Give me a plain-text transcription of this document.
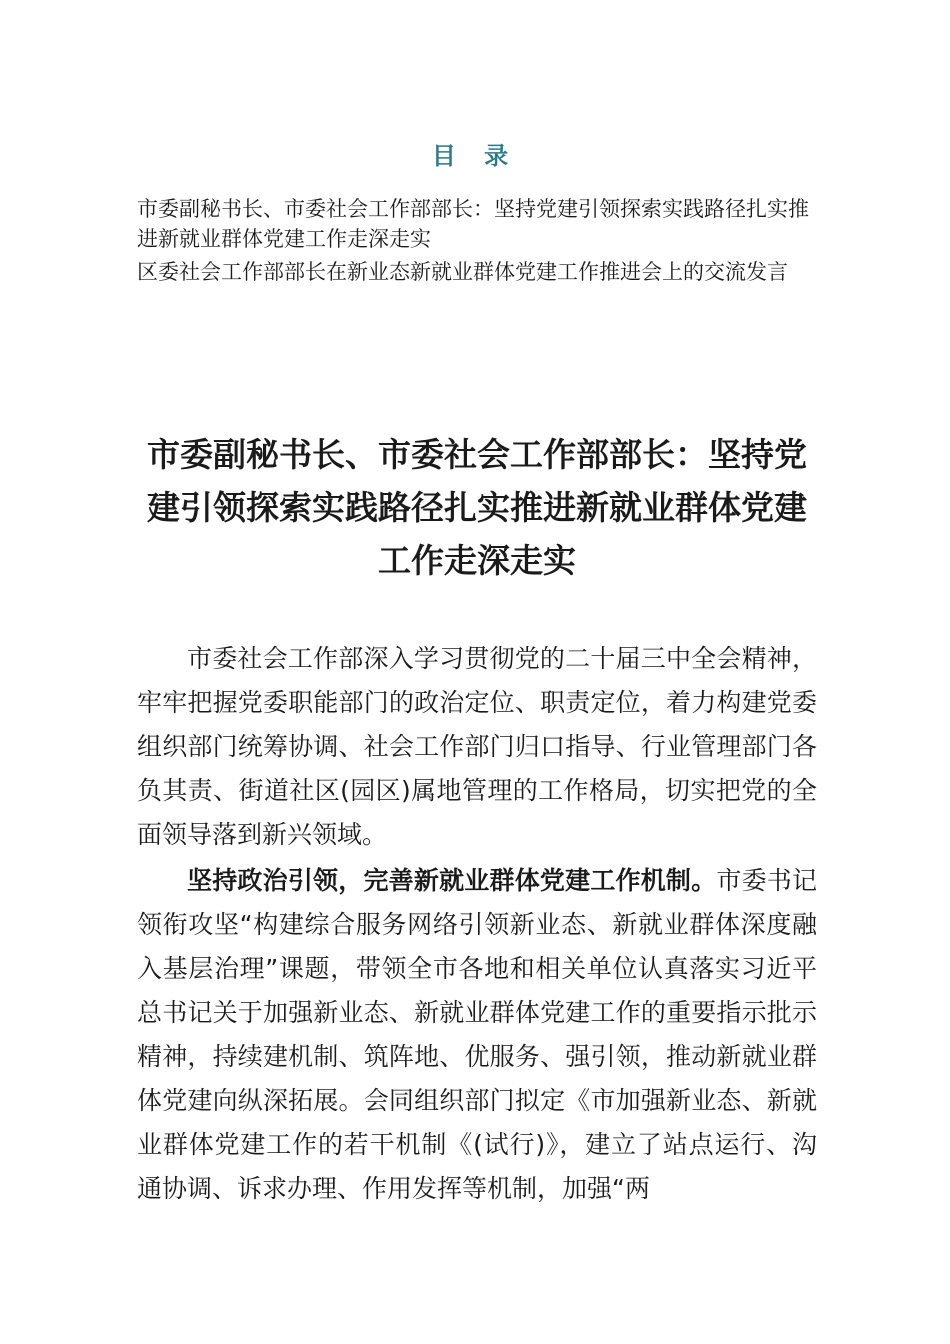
目 录

市委副秘书长、市委社会工作部部长：坚持党建引领探索实践路径扎实推进新就业群体党建工作走深走实

区委社会工作部部长在新业态新就业群体党建工作推进会上的交流发言

市委副秘书长、市委社会工作部部长：坚持党建引领探索实践路径扎实推进新就业群体党建工作走深走实

市委社会工作部深入学习贯彻党的二十届三中全会精神，牢牢把握党委职能部门的政治定位、职责定位，着力构建党委组织部门统筹协调、社会工作部门归口指导、行业管理部门各负其责、街道社区(园区)属地管理的工作格局，切实把党的全面领导落到新兴领域。

坚持政治引领，完善新就业群体党建工作机制。市委书记领衔攻坚“构建综合服务网络引领新业态、新就业群体深度融入基层治理”课题，带领全市各地和相关单位认真落实习近平总书记关于加强新业态、新就业群体党建工作的重要指示批示精神，持续建机制、筑阵地、优服务、强引领，推动新就业群体党建向纵深拓展。会同组织部门拟定《市加强新业态、新就业群体党建工作的若干机制《(试行)》，建立了站点运行、沟通协调、诉求办理、作用发挥等机制，加强“两
